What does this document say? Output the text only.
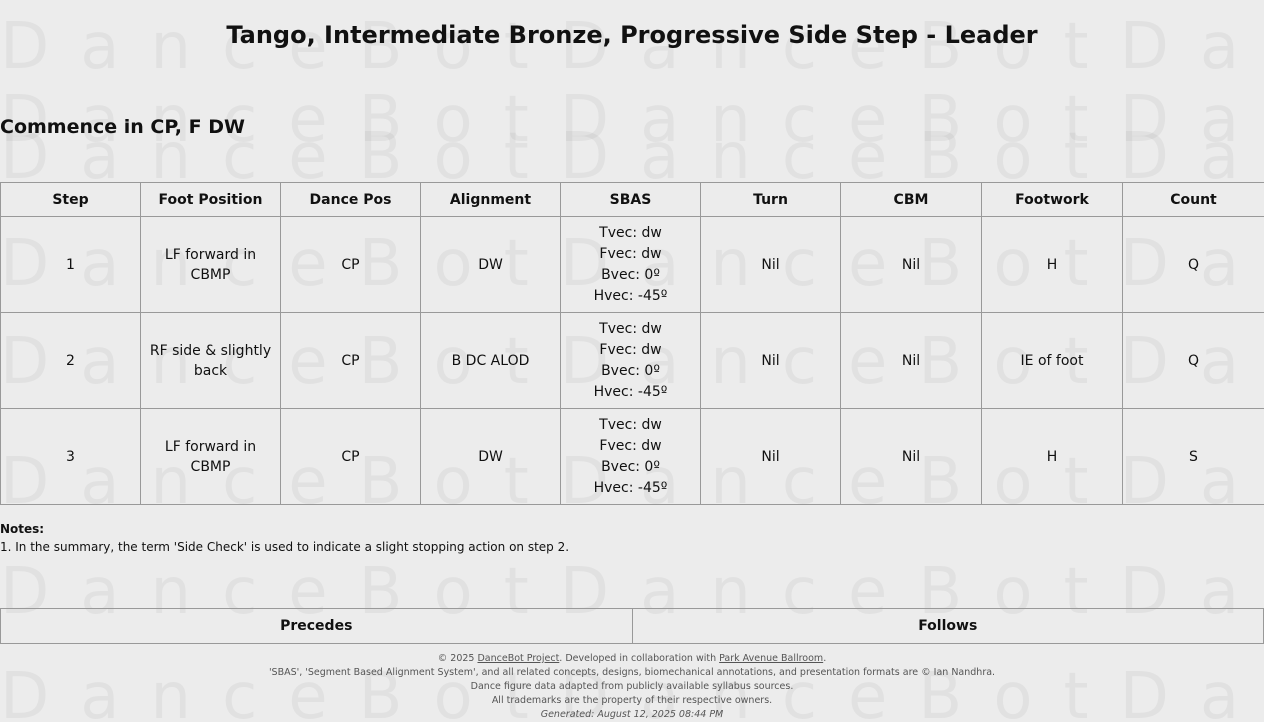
Tango, Intermediate Bronze, Progressive Side Step - Leader
Commence in CP, F DW
Step	Foot Position	Dance Pos	Alignment	SBAS	Turn	CBM	Footwork	Count
1	LF forward in CBMP	CP	DW	Tvec: dw
Fvec: dw
Bvec: 0º
Hvec: -45º	Nil	Nil	H	Q
2	RF side & slightly back	CP	B DC ALOD	Tvec: dw
Fvec: dw
Bvec: 0º
Hvec: -45º	Nil	Nil	IE of foot	Q
3	LF forward in CBMP	CP	DW	Tvec: dw
Fvec: dw
Bvec: 0º
Hvec: -45º	Nil	Nil	H	S
Notes:
1. In the summary, the term 'Side Check' is used to indicate a slight stopping action on step 2.
Precedes	Follows
© 2025 DanceBot Project. Developed in collaboration with Park Avenue Ballroom.
'SBAS', 'Segment Based Alignment System', and all related concepts, designs, biomechanical annotations, and presentation formats are © Ian Nandhra.
Dance figure data adapted from publicly available syllabus sources.
All trademarks are the property of their respective owners.
Generated: August 12, 2025 08:44 PM
